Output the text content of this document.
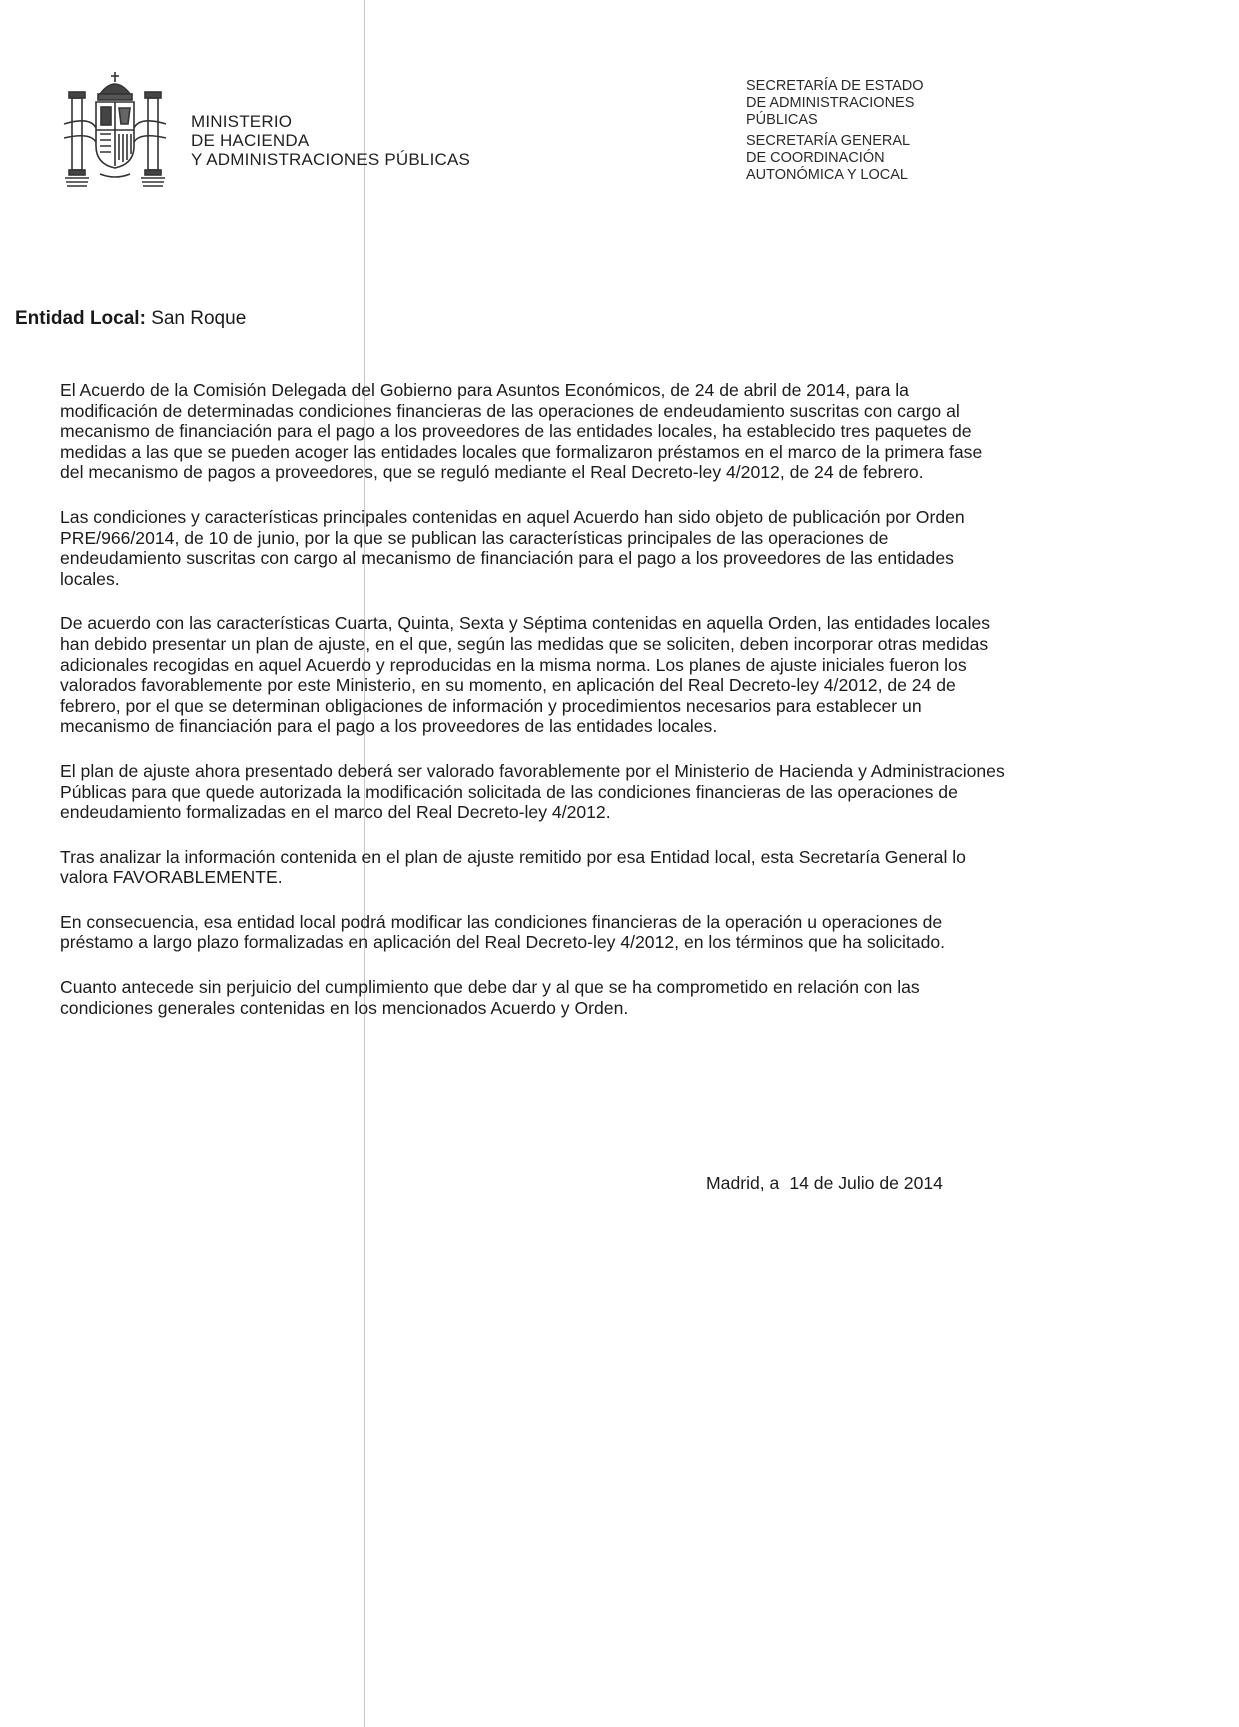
MINISTERIO
DE HACIENDA
Y ADMINISTRACIONES PÚBLICAS
SECRETARÍA DE ESTADO
DE ADMINISTRACIONES
PÚBLICAS
SECRETARÍA GENERAL
DE COORDINACIÓN
AUTONÓMICA Y LOCAL
Entidad Local: San Roque

El Acuerdo de la Comisión Delegada del Gobierno para Asuntos Económicos, de 24 de abril de 2014, para la modificación de determinadas condiciones financieras de las operaciones de endeudamiento suscritas con cargo al mecanismo de financiación para el pago a los proveedores de las entidades locales, ha establecido tres paquetes de medidas a las que se pueden acoger las entidades locales que formalizaron préstamos en el marco de la primera fase del mecanismo de pagos a proveedores, que se reguló mediante el Real Decreto-ley 4/2012, de 24 de febrero.

Las condiciones y características principales contenidas en aquel Acuerdo han sido objeto de publicación por Orden PRE/966/2014, de 10 de junio, por la que se publican las características principales de las operaciones de endeudamiento suscritas con cargo al mecanismo de financiación para el pago a los proveedores de las entidades locales.

De acuerdo con las características Cuarta, Quinta, Sexta y Séptima contenidas en aquella Orden, las entidades locales han debido presentar un plan de ajuste, en el que, según las medidas que se soliciten, deben incorporar otras medidas adicionales recogidas en aquel Acuerdo y reproducidas en la misma norma. Los planes de ajuste iniciales fueron los valorados favorablemente por este Ministerio, en su momento, en aplicación del Real Decreto-ley 4/2012, de 24 de febrero, por el que se determinan obligaciones de información y procedimientos necesarios para establecer un mecanismo de financiación para el pago a los proveedores de las entidades locales.

El plan de ajuste ahora presentado deberá ser valorado favorablemente por el Ministerio de Hacienda y Administraciones Públicas para que quede autorizada la modificación solicitada de las condiciones financieras de las operaciones de endeudamiento formalizadas en el marco del Real Decreto-ley 4/2012.

Tras analizar la información contenida en el plan de ajuste remitido por esa Entidad local, esta Secretaría General lo valora FAVORABLEMENTE.

En consecuencia, esa entidad local podrá modificar las condiciones financieras de la operación u operaciones de préstamo a largo plazo formalizadas en aplicación del Real Decreto-ley 4/2012, en los términos que ha solicitado.

Cuanto antecede sin perjuicio del cumplimiento que debe dar y al que se ha comprometido en relación con las condiciones generales contenidas en los mencionados Acuerdo y Orden.

Madrid, a 14 de Julio de 2014
